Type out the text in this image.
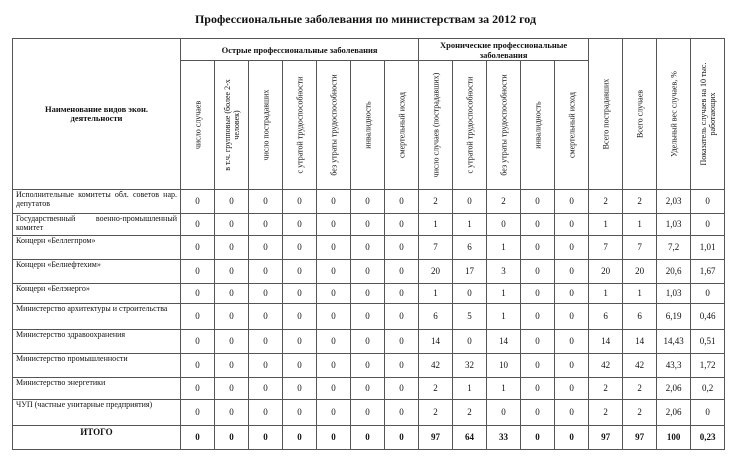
Профессиональные заболевания по министерствам за 2012 год
Наименование видов экон. деятельности	Острые профессиональные заболевания							Хронические профессиональные заболевания					Всего пострадавших	Всего случаев	Удельный вес случаев, %	Показатель случаев на 10 тыс. работающих

	число случаев	в т.ч. групповые (более 2-х человек)	число пострадавших	с утратой трудоспособности	без утраты трудоспособности	инвалидность	смертельный исход	число случаев (пострадавших)	с утратой трудоспособности	без утраты трудоспособности	инвалидность	смертельный исход				

Исполнительные комитеты обл. советов нар. депутатов	0	0	0	0	0	0	0	2	0	2	0	0	2	2	2,03	0
Государственный военно-промышленный комитет	0	0	0	0	0	0	0	1	1	0	0	0	1	1	1,03	0
Концерн «Беллегпром»	0	0	0	0	0	0	0	7	6	1	0	0	7	7	7,2	1,01
Концерн «Белнефтехим»	0	0	0	0	0	0	0	20	17	3	0	0	20	20	20,6	1,67
Концерн «Белэнерго»	0	0	0	0	0	0	0	1	0	1	0	0	1	1	1,03	0
Министерство архитектуры и строительства	0	0	0	0	0	0	0	6	5	1	0	0	6	6	6,19	0,46
Министерство здравоохранения	0	0	0	0	0	0	0	14	0	14	0	0	14	14	14,43	0,51
Министерство промышленности	0	0	0	0	0	0	0	42	32	10	0	0	42	42	43,3	1,72
Министерство энергетики	0	0	0	0	0	0	0	2	1	1	0	0	2	2	2,06	0,2
ЧУП (частные унитарные предприятия)	0	0	0	0	0	0	0	2	2	0	0	0	2	2	2,06	0
ИТОГО	0	0	0	0	0	0	0	97	64	33	0	0	97	97	100	0,23
